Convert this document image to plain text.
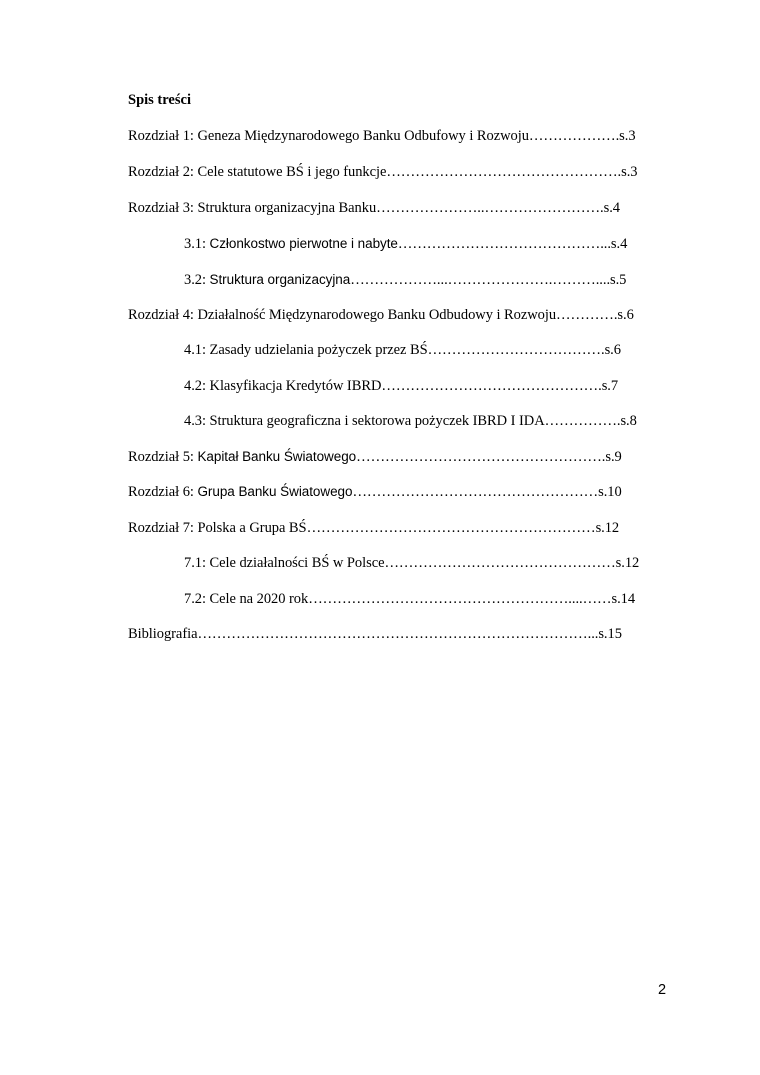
Spis treści
Rozdział 1: Geneza Międzynarodowego Banku Odbufowy i Rozwoju……………….s.3
Rozdział 2: Cele statutowe BŚ i jego funkcje………………………………………….s.3
Rozdział 3: Struktura organizacyjna Banku…………………..…………………….s.4
3.1: Członkostwo pierwotne i nabyte……………………………………...s.4
3.2: Struktura organizacyjna………………...………………….………....s.5
Rozdział 4: Działalność Międzynarodowego Banku Odbudowy i Rozwoju………….s.6
4.1: Zasady udzielania pożyczek przez BŚ……………………………….s.6
4.2: Klasyfikacja Kredytów IBRD……………………………………….s.7
4.3: Struktura geograficzna i sektorowa pożyczek IBRD I IDA…………….s.8
Rozdział 5: Kapitał Banku Światowego…………………………………………….s.9
Rozdział 6: Grupa Banku Światowego……………………………………………s.10
Rozdział 7: Polska a Grupa BŚ……………………………………………………s.12
7.1: Cele działalności BŚ w Polsce…………………………………………s.12
7.2: Cele na 2020 rok………………………………………………....……s.14
Bibliografia………………………………………………………………………...s.15
2
